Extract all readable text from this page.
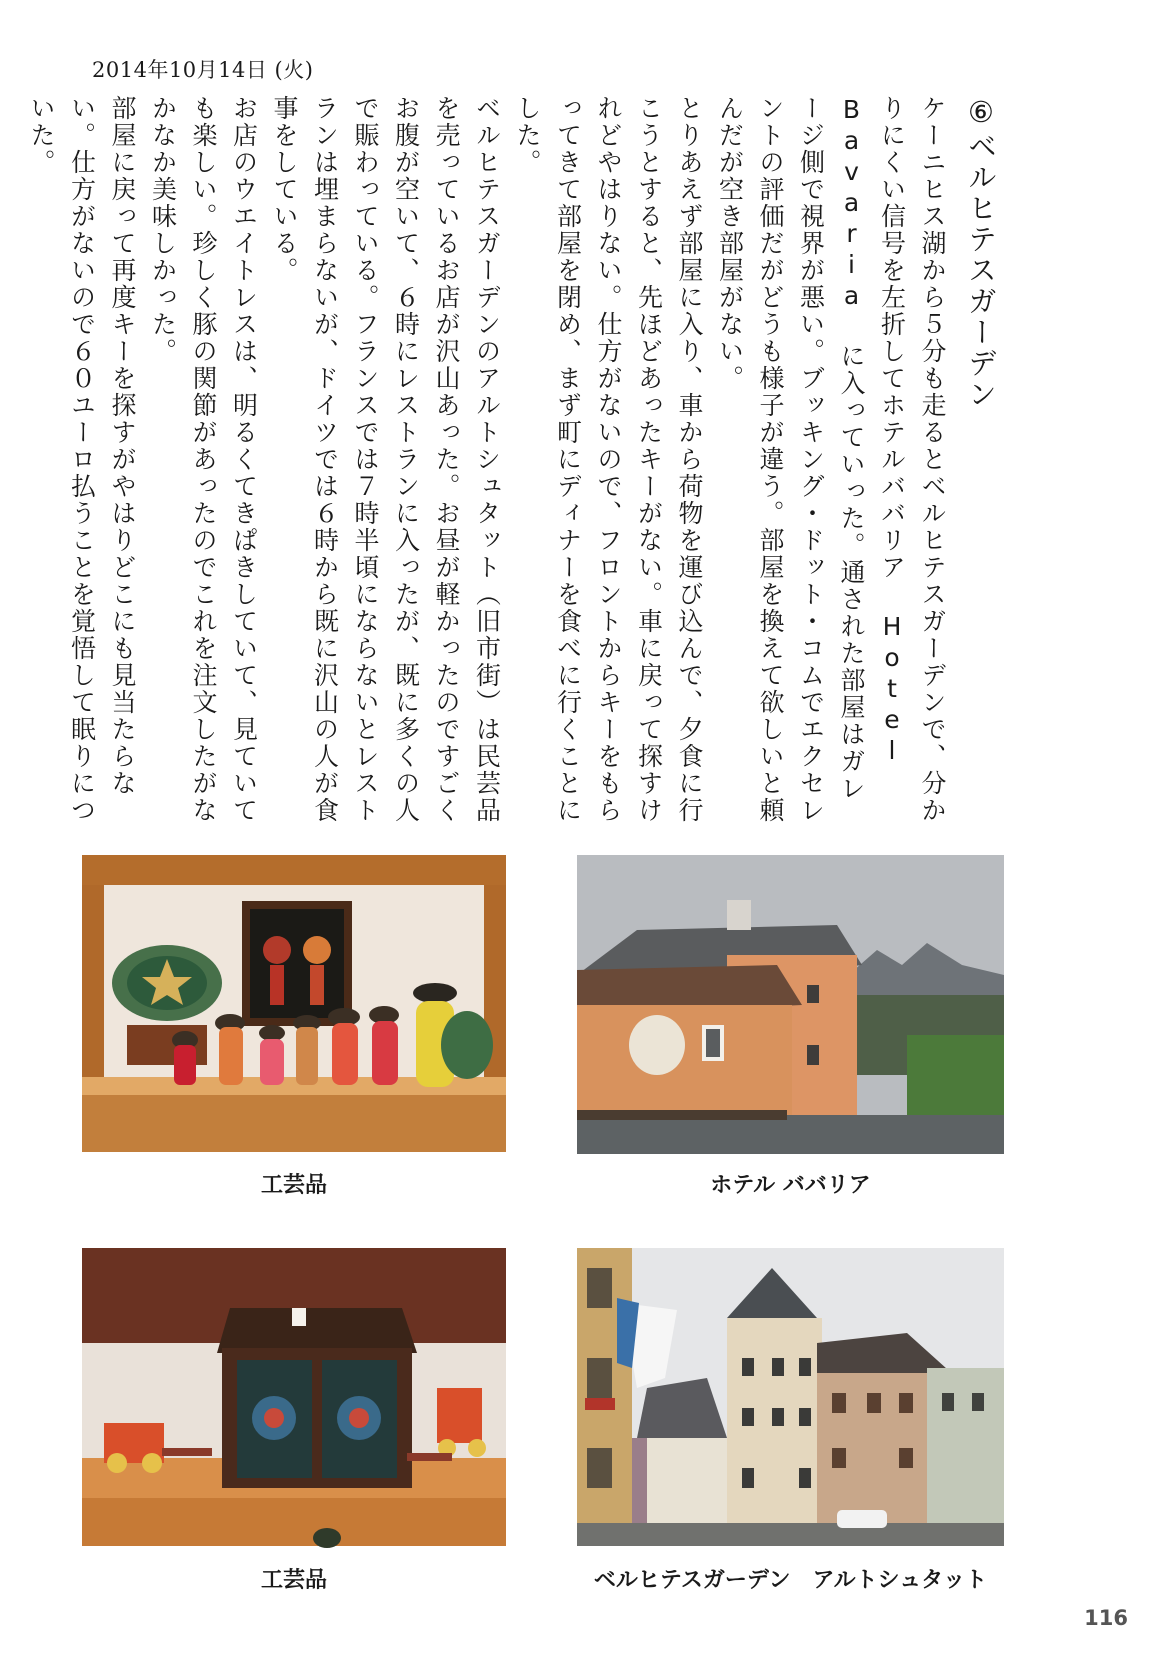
2014年10月14日 (火)
⑥ベルヒテスガーデン

ケーニヒス湖から５分も走るとベルヒテスガーデンで、分かりにくい信号を左折してホテルババリア Hotel Bavaria に入っていった。通された部屋はガレージ側で視界が悪い。ブッキング・ドット・コムでエクセレントの評価だがどうも様子が違う。部屋を換えて欲しいと頼んだが空き部屋がない。

とりあえず部屋に入り、車から荷物を運び込んで、夕食に行こうとすると、先ほどあったキーがない。車に戻って探すけれどやはりない。仕方がないので、フロントからキーをもらってきて部屋を閉め、まず町にディナーを食べに行くことにした。

ベルヒテスガーデンのアルトシュタット（旧市街）は民芸品を売っているお店が沢山あった。お昼が軽かったのですごくお腹が空いて、６時にレストランに入ったが、既に多くの人で賑わっている。フランスでは７時半頃にならないとレストランは埋まらないが、ドイツでは６時から既に沢山の人が食事をしている。

お店のウエイトレスは、明るくてきぱきしていて、見ていても楽しい。珍しく豚の関節があったのでこれを注文したがなかなか美味しかった。

部屋に戻って再度キーを探すがやはりどこにも見当たらない。仕方がないので６０ユーロ払うことを覚悟して眠りについた。

工芸品	ホテル ババリア
工芸品	ベルヒテスガーデン　アルトシュタット
116
